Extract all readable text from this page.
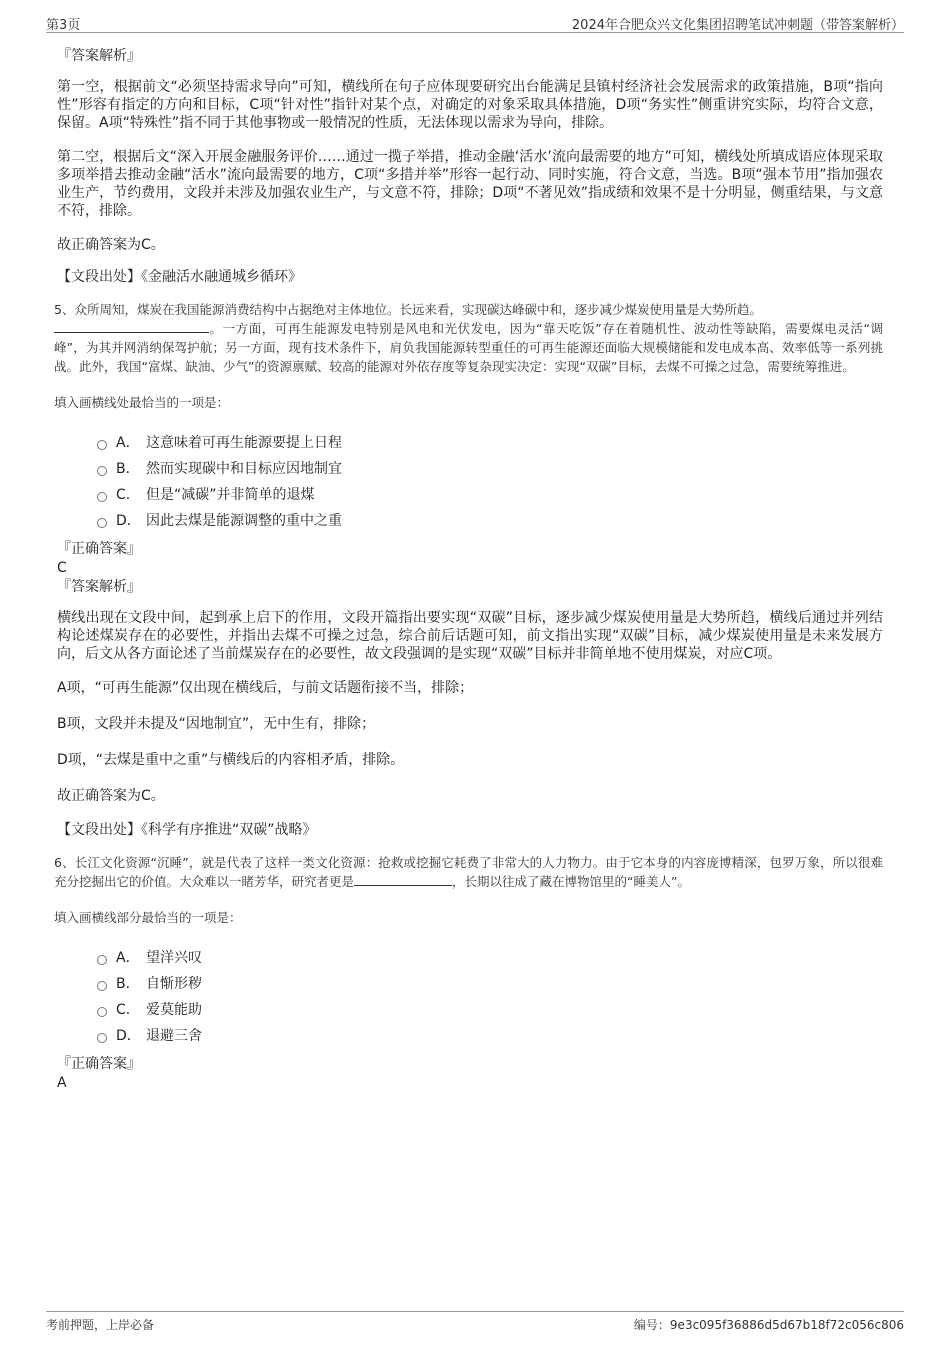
第3页	2024年合肥众兴文化集团招聘笔试冲刺题（带答案解析）

『答案解析』

第一空，根据前文“必须坚持需求导向”可知，横线所在句子应体现要研究出台能满足县镇村经济社会发展需求的政策措施，B项“指向性”形容有指定的方向和目标，C项“针对性”指针对某个点，对确定的对象采取具体措施，D项“务实性”侧重讲究实际，均符合文意，保留。A项“特殊性”指不同于其他事物或一般情况的性质，无法体现以需求为导向，排除。

第二空，根据后文“深入开展金融服务评价……通过一揽子举措，推动金融‘活水’流向最需要的地方”可知，横线处所填成语应体现采取多项举措去推动金融“活水”流向最需要的地方，C项“多措并举”形容一起行动、同时实施，符合文意，当选。B项“强本节用”指加强农业生产，节约费用，文段并未涉及加强农业生产，与文意不符，排除；D项“不著见效”指成绩和效果不是十分明显，侧重结果，与文意不符，排除。

故正确答案为C。

【文段出处】《金融活水融通城乡循环》

5、众所周知，煤炭在我国能源消费结构中占据绝对主体地位。长远来看，实现碳达峰碳中和，逐步减少煤炭使用量是大势所趋。
。一方面，可再生能源发电特别是风电和光伏发电，因为“靠天吃饭”存在着随机性、波动性等缺陷，需要煤电灵活“调峰”，为其并网消纳保驾护航；另一方面，现有技术条件下，肩负我国能源转型重任的可再生能源还面临大规模储能和发电成本高、效率低等一系列挑战。此外，我国“富煤、缺油、少气”的资源禀赋、较高的能源对外依存度等复杂现实决定：实现“双碳”目标，去煤不可操之过急，需要统筹推进。

填入画横线处最恰当的一项是：

A． 这意味着可再生能源要提上日程
B． 然而实现碳中和目标应因地制宜
C． 但是“减碳”并非简单的退煤
D． 因此去煤是能源调整的重中之重

『正确答案』

C

『答案解析』

横线出现在文段中间，起到承上启下的作用，文段开篇指出要实现“双碳”目标，逐步减少煤炭使用量是大势所趋，横线后通过并列结构论述煤炭存在的必要性，并指出去煤不可操之过急，综合前后话题可知，前文指出实现“双碳”目标，减少煤炭使用量是未来发展方向，后文从各方面论述了当前煤炭存在的必要性，故文段强调的是实现“双碳”目标并非简单地不使用煤炭，对应C项。

A项，“可再生能源”仅出现在横线后，与前文话题衔接不当，排除；

B项，文段并未提及“因地制宜”，无中生有，排除；

D项，“去煤是重中之重”与横线后的内容相矛盾，排除。

故正确答案为C。

【文段出处】《科学有序推进“双碳”战略》

6、长江文化资源“沉睡”，就是代表了这样一类文化资源：抢救或挖掘它耗费了非常大的人力物力。由于它本身的内容庞博精深，包罗万象，所以很难充分挖掘出它的价值。大众难以一睹芳华，研究者更是	，长期以往成了藏在博物馆里的“睡美人”。

填入画横线部分最恰当的一项是：

A． 望洋兴叹
B． 自惭形秽
C． 爱莫能助
D． 退避三舍

『正确答案』

A

考前押题，上岸必备	编号：9e3c095f36886d5d67b18f72c056c806
